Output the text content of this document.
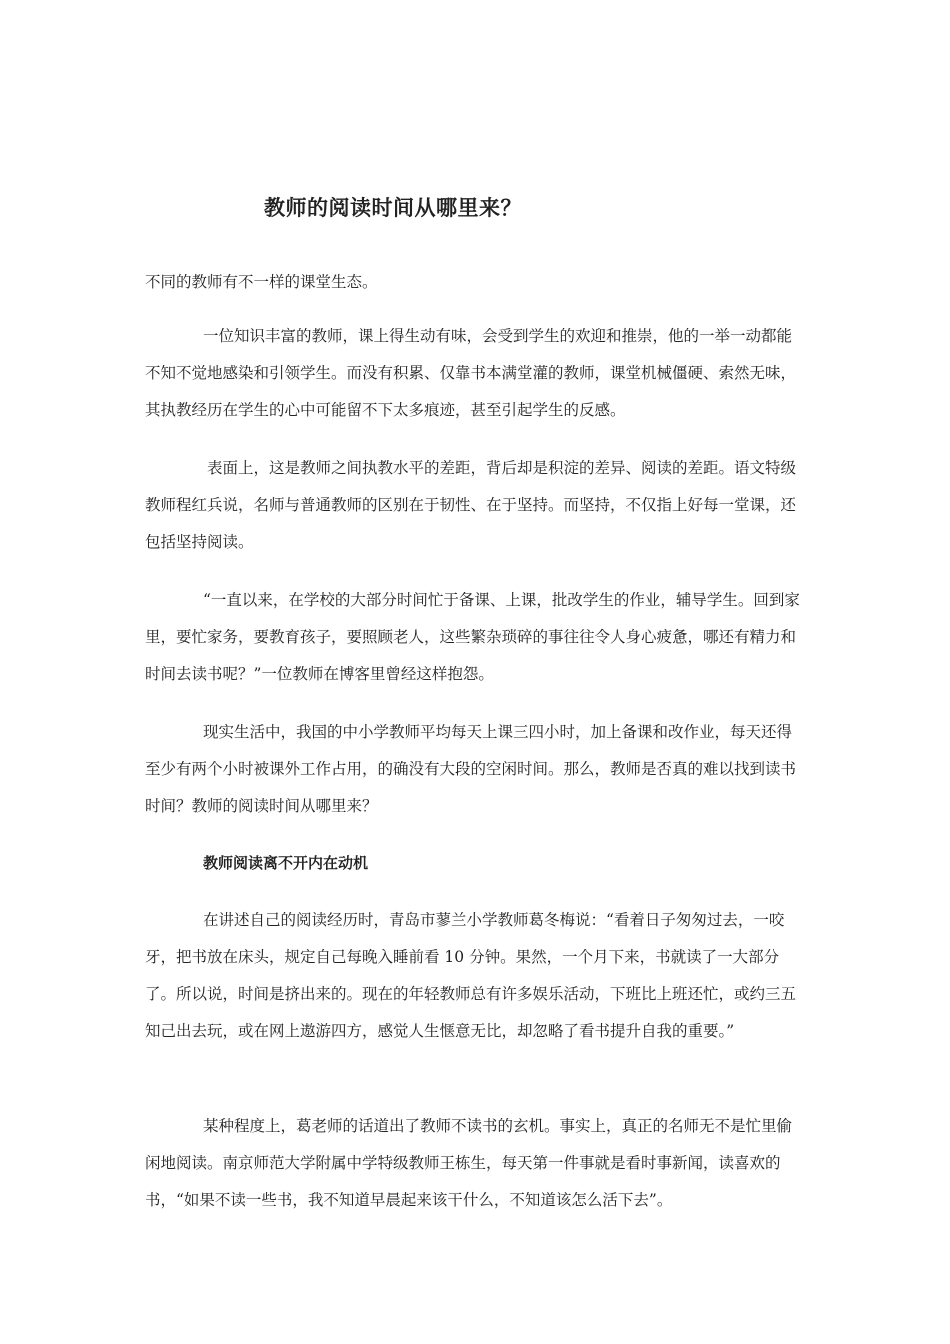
教师的阅读时间从哪里来？

不同的教师有不一样的课堂生态。

一位知识丰富的教师，课上得生动有味，会受到学生的欢迎和推崇，他的一举一动都能不知不觉地感染和引领学生。而没有积累、仅靠书本满堂灌的教师，课堂机械僵硬、索然无味，其执教经历在学生的心中可能留不下太多痕迹，甚至引起学生的反感。

表面上，这是教师之间执教水平的差距，背后却是积淀的差异、阅读的差距。语文特级教师程红兵说，名师与普通教师的区别在于韧性、在于坚持。而坚持，不仅指上好每一堂课，还包括坚持阅读。

“一直以来，在学校的大部分时间忙于备课、上课，批改学生的作业，辅导学生。回到家里，要忙家务，要教育孩子，要照顾老人，这些繁杂琐碎的事往往令人身心疲惫，哪还有精力和时间去读书呢？”一位教师在博客里曾经这样抱怨。

现实生活中，我国的中小学教师平均每天上课三四小时，加上备课和改作业，每天还得至少有两个小时被课外工作占用，的确没有大段的空闲时间。那么，教师是否真的难以找到读书时间？教师的阅读时间从哪里来？

教师阅读离不开内在动机

在讲述自己的阅读经历时，青岛市蓼兰小学教师葛冬梅说：“看着日子匆匆过去，一咬牙，把书放在床头，规定自己每晚入睡前看 10 分钟。果然，一个月下来，书就读了一大部分了。所以说，时间是挤出来的。现在的年轻教师总有许多娱乐活动，下班比上班还忙，或约三五知己出去玩，或在网上遨游四方，感觉人生惬意无比，却忽略了看书提升自我的重要。”

某种程度上，葛老师的话道出了教师不读书的玄机。事实上，真正的名师无不是忙里偷闲地阅读。南京师范大学附属中学特级教师王栋生，每天第一件事就是看时事新闻，读喜欢的书，“如果不读一些书，我不知道早晨起来该干什么，不知道该怎么活下去”。
